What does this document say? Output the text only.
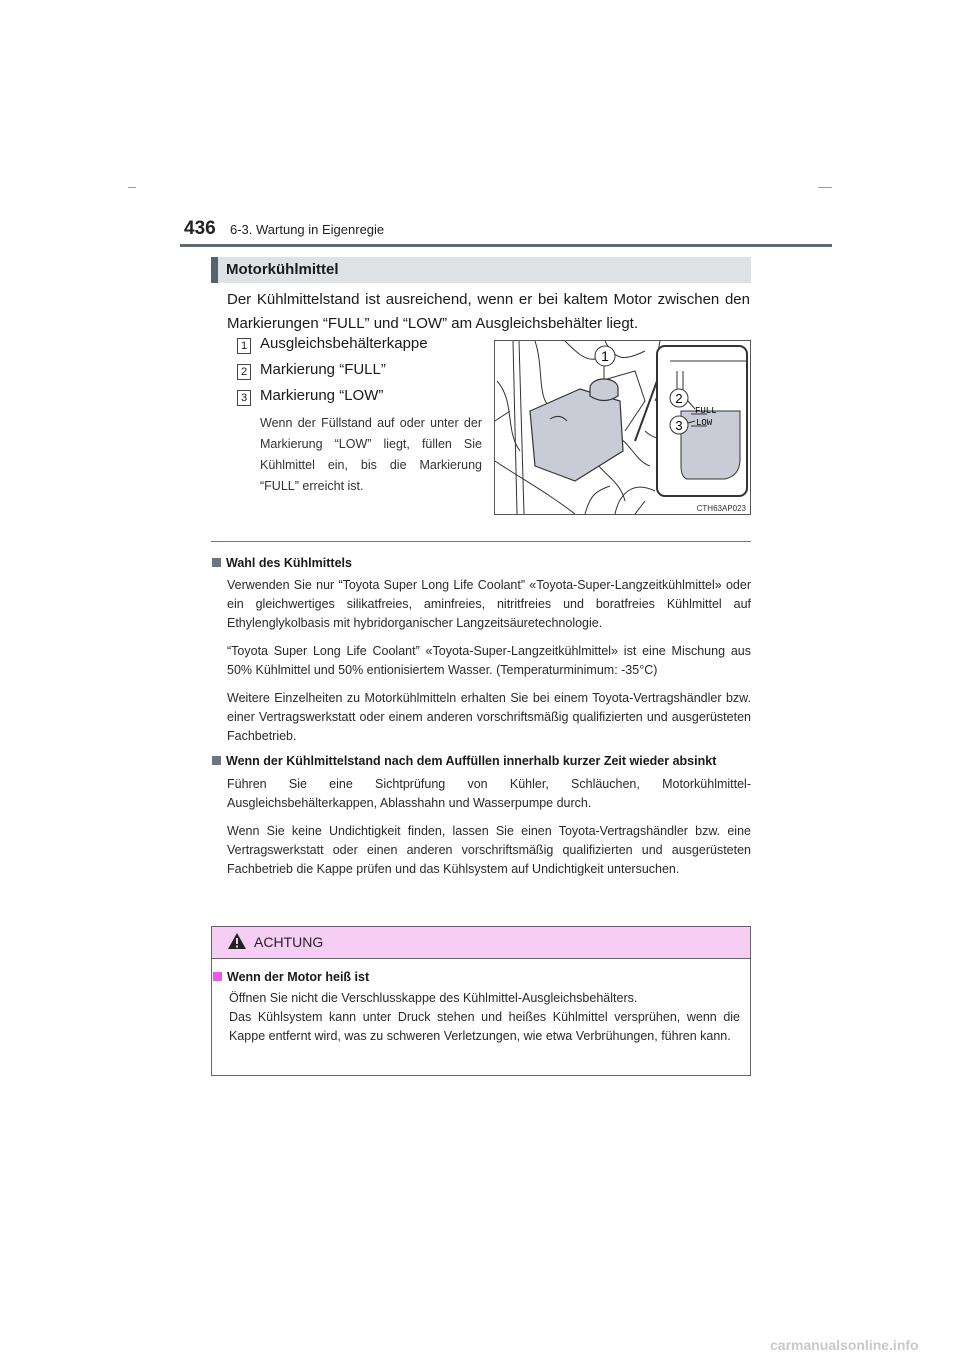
436 6-3. Wartung in Eigenregie
Motorkühlmittel
Der Kühlmittelstand ist ausreichend, wenn er bei kaltem Motor zwischen den Markierungen “FULL” und “LOW” am Ausgleichsbehälter liegt.
1 Ausgleichsbehälterkappe
2 Markierung “FULL”
3 Markierung “LOW”
Wenn der Füllstand auf oder unter der Markierung “LOW” liegt, füllen Sie Kühlmittel ein, bis die Markierung “FULL” erreicht ist.
1
FULL
LOW
2
3
CTH63AP023
Wahl des Kühlmittels
Verwenden Sie nur “Toyota Super Long Life Coolant” «Toyota-Super-Langzeitkühlmittel» oder ein gleichwertiges silikatfreies, aminfreies, nitritfreies und boratfreies Kühlmittel auf Ethylenglykolbasis mit hybridorganischer Langzeitsäuretechnologie.
“Toyota Super Long Life Coolant” «Toyota-Super-Langzeitkühlmittel» ist eine Mischung aus 50% Kühlmittel und 50% entionisiertem Wasser. (Temperaturminimum: -35°C)
Weitere Einzelheiten zu Motorkühlmitteln erhalten Sie bei einem Toyota-Vertragshändler bzw. einer Vertragswerkstatt oder einem anderen vorschriftsmäßig qualifizierten und ausgerüsteten Fachbetrieb.
Wenn der Kühlmittelstand nach dem Auffüllen innerhalb kurzer Zeit wieder absinkt
Führen Sie eine Sichtprüfung von Kühler, Schläuchen, Motorkühlmittel-Ausgleichsbehälterkappen, Ablasshahn und Wasserpumpe durch.
Wenn Sie keine Undichtigkeit finden, lassen Sie einen Toyota-Vertragshändler bzw. eine Vertragswerkstatt oder einen anderen vorschriftsmäßig qualifizierten und ausgerüsteten Fachbetrieb die Kappe prüfen und das Kühlsystem auf Undichtigkeit untersuchen.
ACHTUNG
Wenn der Motor heiß ist
Öffnen Sie nicht die Verschlusskappe des Kühlmittel-Ausgleichsbehälters.
Das Kühlsystem kann unter Druck stehen und heißes Kühlmittel versprühen, wenn die Kappe entfernt wird, was zu schweren Verletzungen, wie etwa Verbrühungen, führen kann.
carmanualsonline.info
